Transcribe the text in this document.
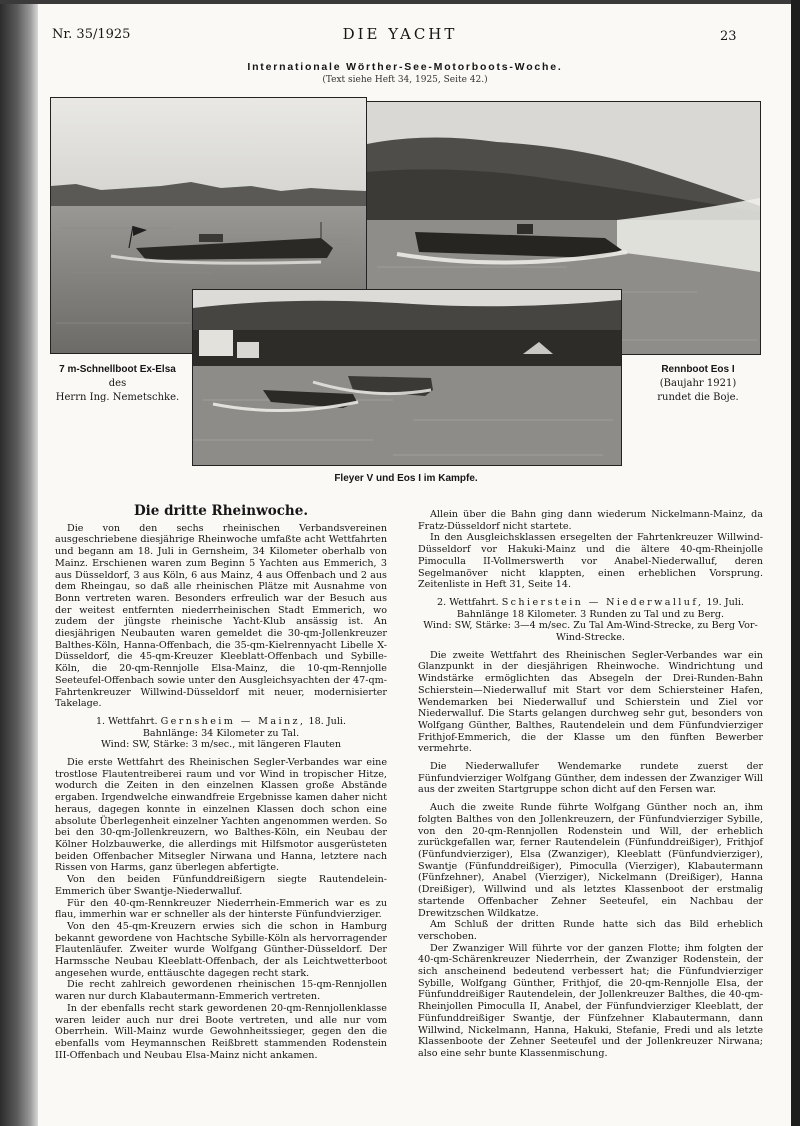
Nr. 35/1925	DIE YACHT	23
Internationale Wörther-See-Motorboots-Woche.
(Text siehe Heft 34, 1925, Seite 42.)
7 m-Schnellboot Ex-Elsa
des
Herrn Ing. Nemetschke.
Rennboot Eos I
(Baujahr 1921)
rundet die Boje.
Fleyer V und Eos I im Kampfe.
Die dritte Rheinwoche.

Die von den sechs rheinischen Verbandsvereinen ausgeschriebene diesjährige Rheinwoche umfaßte acht Wettfahrten und begann am 18. Juli in Gernsheim, 34 Kilometer oberhalb von Mainz. Erschienen waren zum Beginn 5 Yachten aus Emmerich, 3 aus Düsseldorf, 3 aus Köln, 6 aus Mainz, 4 aus Offenbach und 2 aus dem Rheingau, so daß alle rheinischen Plätze mit Ausnahme von Bonn vertreten waren. Besonders erfreulich war der Besuch aus der weitest entfernten niederrheinischen Stadt Emmerich, wo zudem der jüngste rheinische Yacht-Klub ansässig ist. An diesjährigen Neubauten waren gemeldet die 30-qm-Jollenkreuzer Balthes-Köln, Hanna-Offenbach, die 35-qm-Kielrennyacht Libelle X-Düsseldorf, die 45-qm-Kreuzer Kleeblatt-Offenbach und Sybille-Köln, die 20-qm-Rennjolle Elsa-Mainz, die 10-qm-Rennjolle Seeteufel-Offenbach sowie unter den Ausgleichsyachten der 47-qm-Fahrtenkreuzer Willwind-Düsseldorf mit neuer, modernisierter Takelage.

1. Wettfahrt. Gernsheim — Mainz, 18. Juli.

Bahnlänge: 34 Kilometer zu Tal.

Wind: SW, Stärke: 3 m/sec., mit längeren Flauten

Die erste Wettfahrt des Rheinischen Segler-Verbandes war eine trostlose Flautentreiberei raum und vor Wind in tropischer Hitze, wodurch die Zeiten in den einzelnen Klassen große Abstände ergaben. Irgendwelche einwandfreie Ergebnisse kamen daher nicht heraus, dagegen konnte in einzelnen Klassen doch schon eine absolute Überlegenheit einzelner Yachten angenommen werden. So bei den 30-qm-Jollenkreuzern, wo Balthes-Köln, ein Neubau der Kölner Holzbauwerke, die allerdings mit Hilfsmotor ausgerüsteten beiden Offenbacher Mitsegler Nirwana und Hanna, letztere nach Rissen von Harms, ganz überlegen abfertigte.

Von den beiden Fünfunddreißigern siegte Rautendelein-Emmerich über Swantje-Niederwalluf.

Für den 40-qm-Rennkreuzer Niederrhein-Emmerich war es zu flau, immerhin war er schneller als der hinterste Fünfundvierziger.

Von den 45-qm-Kreuzern erwies sich die schon in Hamburg bekannt gewordene von Hachtsche Sybille-Köln als hervorragender Flautenläufer. Zweiter wurde Wolfgang Günther-Düsseldorf. Der Harmssche Neubau Kleeblatt-Offenbach, der als Leichtwetterboot angesehen wurde, enttäuschte dagegen recht stark.

Die recht zahlreich gewordenen rheinischen 15-qm-Rennjollen waren nur durch Klabautermann-Emmerich vertreten.

In der ebenfalls recht stark gewordenen 20-qm-Rennjollenklasse waren leider auch nur drei Boote vertreten, und alle nur vom Oberrhein. Will-Mainz wurde Gewohnheitssieger, gegen den die ebenfalls vom Heymannschen Reißbrett stammenden Rodenstein III-Offenbach und Neubau Elsa-Mainz nicht ankamen.

Allein über die Bahn ging dann wiederum Nickelmann-Mainz, da Fratz-Düsseldorf nicht startete.

In den Ausgleichsklassen ersegelten der Fahrtenkreuzer Willwind-Düsseldorf vor Hakuki-Mainz und die ältere 40-qm-Rheinjolle Pimoculla II-Vollmerswerth vor Anabel-Niederwalluf, deren Segelmanöver nicht klappten, einen erheblichen Vorsprung. Zeitenliste in Heft 31, Seite 14.

2. Wettfahrt. Schierstein — Niederwalluf, 19. Juli.

Bahnlänge 18 Kilometer. 3 Runden zu Tal und zu Berg.

Wind: SW, Stärke: 3—4 m/sec. Zu Tal Am-Wind-Strecke, zu Berg Vor-Wind-Strecke.

Die zweite Wettfahrt des Rheinischen Segler-Verbandes war ein Glanzpunkt in der diesjährigen Rheinwoche. Windrichtung und Windstärke ermöglichten das Absegeln der Drei-Runden-Bahn Schierstein—Niederwalluf mit Start vor dem Schiersteiner Hafen, Wendemarken bei Niederwalluf und Schierstein und Ziel vor Niederwalluf. Die Starts gelangen durchweg sehr gut, besonders von Wolfgang Günther, Balthes, Rautendelein und dem Fünfundvierziger Frithjof-Emmerich, die der Klasse um den fünften Bewerber vermehrte.

Die Niederwallufer Wendemarke rundete zuerst der Fünfundvierziger Wolfgang Günther, dem indessen der Zwanziger Will aus der zweiten Startgruppe schon dicht auf den Fersen war.

Auch die zweite Runde führte Wolfgang Günther noch an, ihm folgten Balthes von den Jollenkreuzern, der Fünfundvierziger Sybille, von den 20-qm-Rennjollen Rodenstein und Will, der erheblich zurückgefallen war, ferner Rautendelein (Fünfunddreißiger), Frithjof (Fünfundvierziger), Elsa (Zwanziger), Kleeblatt (Fünfundvierziger), Swantje (Fünfunddreißiger), Pimoculla (Vierziger), Klabautermann (Fünfzehner), Anabel (Vierziger), Nickelmann (Dreißiger), Hanna (Dreißiger), Willwind und als letztes Klassenboot der erstmalig startende Offenbacher Zehner Seeteufel, ein Nachbau der Drewitzschen Wildkatze.

Am Schluß der dritten Runde hatte sich das Bild erheblich verschoben.

Der Zwanziger Will führte vor der ganzen Flotte; ihm folgten der 40-qm-Schärenkreuzer Niederrhein, der Zwanziger Rodenstein, der sich anscheinend bedeutend verbessert hat; die Fünfundvierziger Sybille, Wolfgang Günther, Frithjof, die 20-qm-Rennjolle Elsa, der Fünfunddreißiger Rautendelein, der Jollenkreuzer Balthes, die 40-qm-Rheinjollen Pimoculla II, Anabel, der Fünfundvierziger Kleeblatt, der Fünfunddreißiger Swantje, der Fünfzehner Klabautermann, dann Willwind, Nickelmann, Hanna, Hakuki, Stefanie, Fredi und als letzte Klassenboote der Zehner Seeteufel und der Jollenkreuzer Nirwana; also eine sehr bunte Klassenmischung.
